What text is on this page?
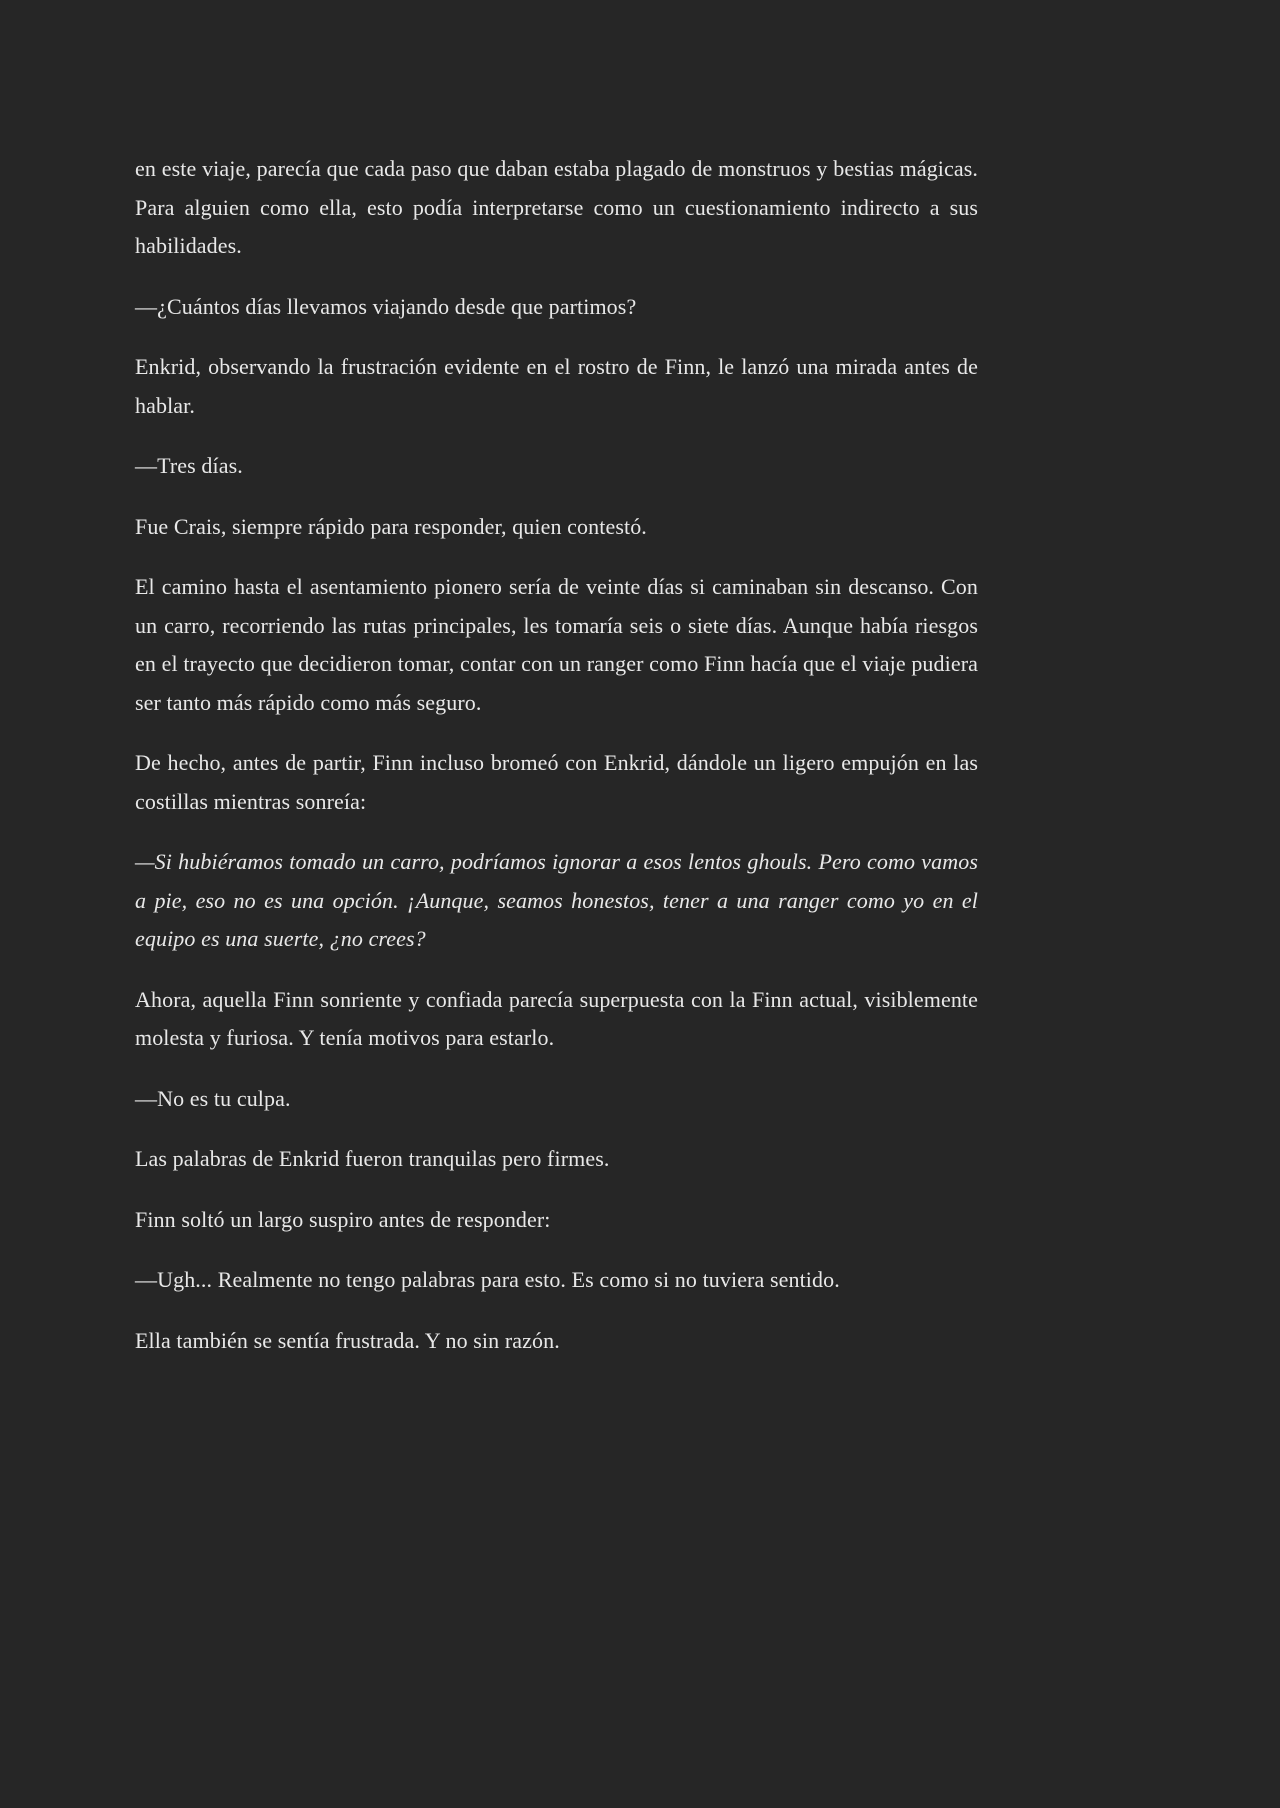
en este viaje, parecía que cada paso que daban estaba plagado de monstruos y bestias mágicas. Para alguien como ella, esto podía interpretarse como un cuestionamiento indirecto a sus habilidades.

—¿Cuántos días llevamos viajando desde que partimos?

Enkrid, observando la frustración evidente en el rostro de Finn, le lanzó una mirada antes de hablar.

—Tres días.

Fue Crais, siempre rápido para responder, quien contestó.

El camino hasta el asentamiento pionero sería de veinte días si caminaban sin descanso. Con un carro, recorriendo las rutas principales, les tomaría seis o siete días. Aunque había riesgos en el trayecto que decidieron tomar, contar con un ranger como Finn hacía que el viaje pudiera ser tanto más rápido como más seguro.

De hecho, antes de partir, Finn incluso bromeó con Enkrid, dándole un ligero empujón en las costillas mientras sonreía:

—Si hubiéramos tomado un carro, podríamos ignorar a esos lentos ghouls. Pero como vamos a pie, eso no es una opción. ¡Aunque, seamos honestos, tener a una ranger como yo en el equipo es una suerte, ¿no crees?

Ahora, aquella Finn sonriente y confiada parecía superpuesta con la Finn actual, visiblemente molesta y furiosa. Y tenía motivos para estarlo.

—No es tu culpa.

Las palabras de Enkrid fueron tranquilas pero firmes.

Finn soltó un largo suspiro antes de responder:

—Ugh... Realmente no tengo palabras para esto. Es como si no tuviera sentido.

Ella también se sentía frustrada. Y no sin razón.
